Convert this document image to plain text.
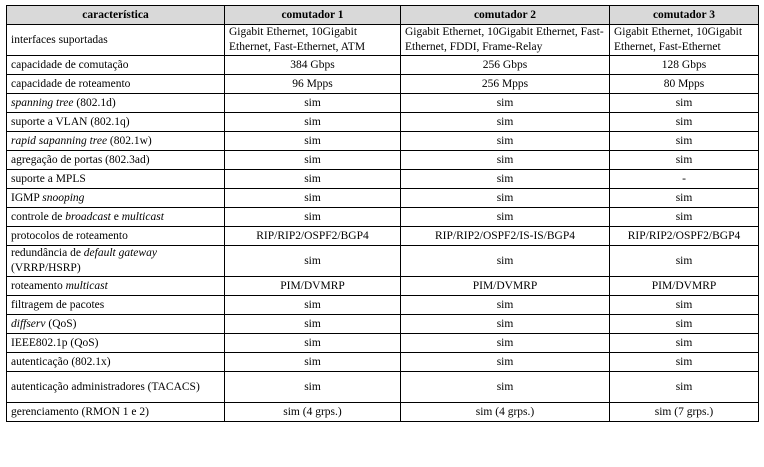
característica	comutador 1	comutador 2	comutador 3
interfaces suportadas	Gigabit Ethernet, 10Gigabit Ethernet, Fast-Ethernet, ATM	Gigabit Ethernet, 10Gigabit Ethernet, Fast-Ethernet, FDDI, Frame-Relay	Gigabit Ethernet, 10Gigabit Ethernet, Fast-Ethernet
capacidade de comutação	384 Gbps	256 Gbps	128 Gbps
capacidade de roteamento	96 Mpps	256 Mpps	80 Mpps
spanning tree (802.1d)	sim	sim	sim
suporte a VLAN (802.1q)	sim	sim	sim
rapid sapanning tree (802.1w)	sim	sim	sim
agregação de portas (802.3ad)	sim	sim	sim
suporte a MPLS	sim	sim	-
IGMP snooping	sim	sim	sim
controle de broadcast e multicast	sim	sim	sim
protocolos de roteamento	RIP/RIP2/OSPF2/BGP4	RIP/RIP2/OSPF2/IS-IS/BGP4	RIP/RIP2/OSPF2/BGP4
redundância de default gateway (VRRP/HSRP)	sim	sim	sim
roteamento multicast	PIM/DVMRP	PIM/DVMRP	PIM/DVMRP
filtragem de pacotes	sim	sim	sim
diffserv (QoS)	sim	sim	sim
IEEE802.1p (QoS)	sim	sim	sim
autenticação (802.1x)	sim	sim	sim
autenticação administradores (TACACS)	sim	sim	sim
gerenciamento (RMON 1 e 2)	sim (4 grps.)	sim (4 grps.)	sim (7 grps.)
